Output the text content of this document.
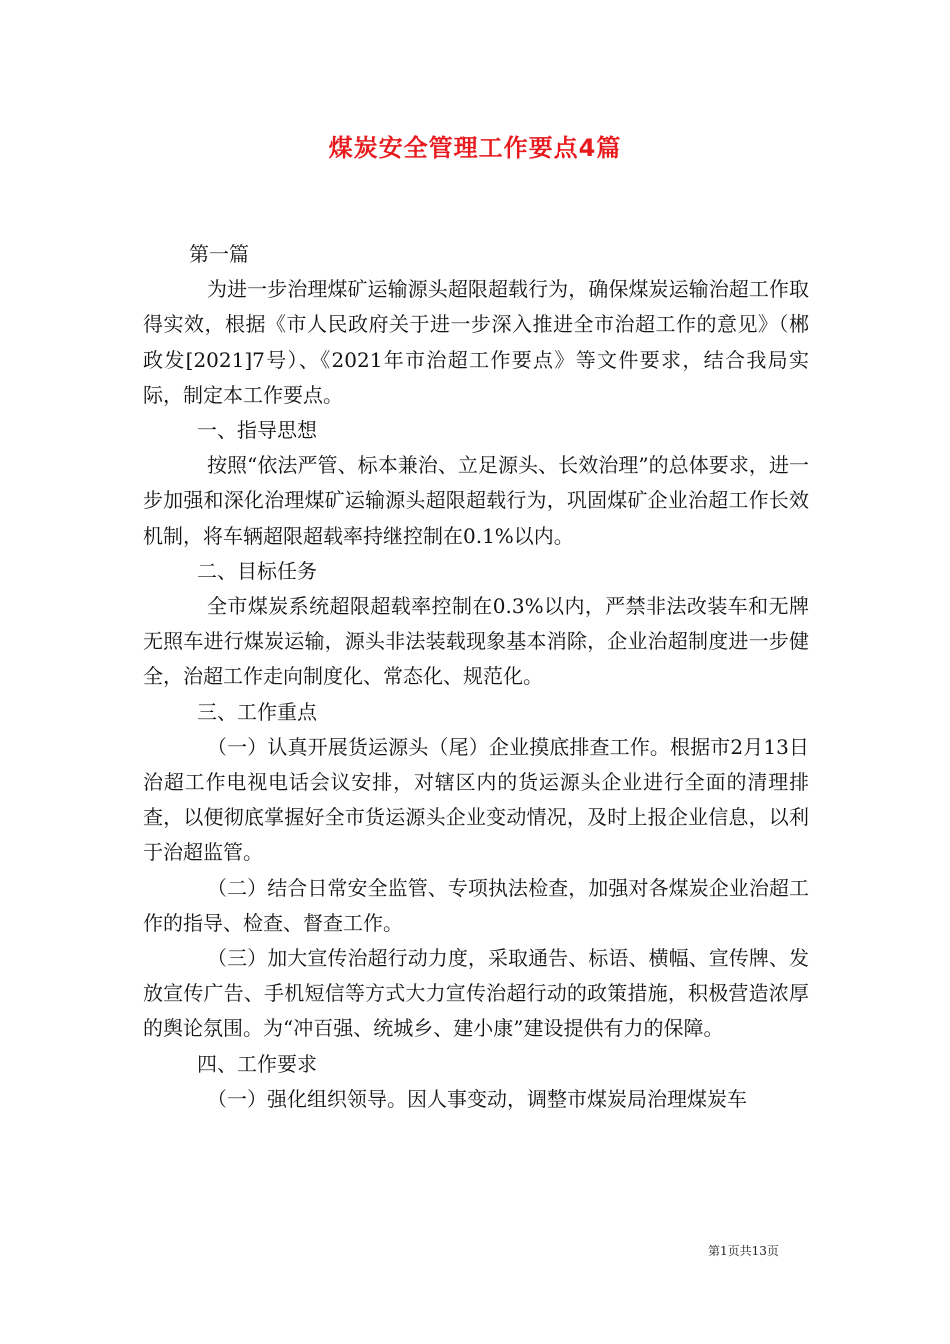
煤炭安全管理工作要点4篇

第一篇

为进一步治理煤矿运输源头超限超载行为，确保煤炭运输治超工作取得实效，根据《市人民政府关于进一步深入推进全市治超工作的意见》（郴政发[2021]7号）、《2021年市治超工作要点》等文件要求，结合我局实际，制定本工作要点。

一、指导思想

按照“依法严管、标本兼治、立足源头、长效治理”的总体要求，进一步加强和深化治理煤矿运输源头超限超载行为，巩固煤矿企业治超工作长效机制，将车辆超限超载率持继控制在0.1%以内。

二、目标任务

全市煤炭系统超限超载率控制在0.3%以内，严禁非法改装车和无牌无照车进行煤炭运输，源头非法装载现象基本消除，企业治超制度进一步健全，治超工作走向制度化、常态化、规范化。

三、工作重点

（一）认真开展货运源头（尾）企业摸底排查工作。根据市2月13日治超工作电视电话会议安排，对辖区内的货运源头企业进行全面的清理排查，以便彻底掌握好全市货运源头企业变动情况，及时上报企业信息，以利于治超监管。

（二）结合日常安全监管、专项执法检查，加强对各煤炭企业治超工作的指导、检查、督查工作。

（三）加大宣传治超行动力度，采取通告、标语、横幅、宣传牌、发放宣传广告、手机短信等方式大力宣传治超行动的政策措施，积极营造浓厚的舆论氛围。为“冲百强、统城乡、建小康”建设提供有力的保障。

四、工作要求

（一）强化组织领导。因人事变动，调整市煤炭局治理煤炭车

第1页共13页
